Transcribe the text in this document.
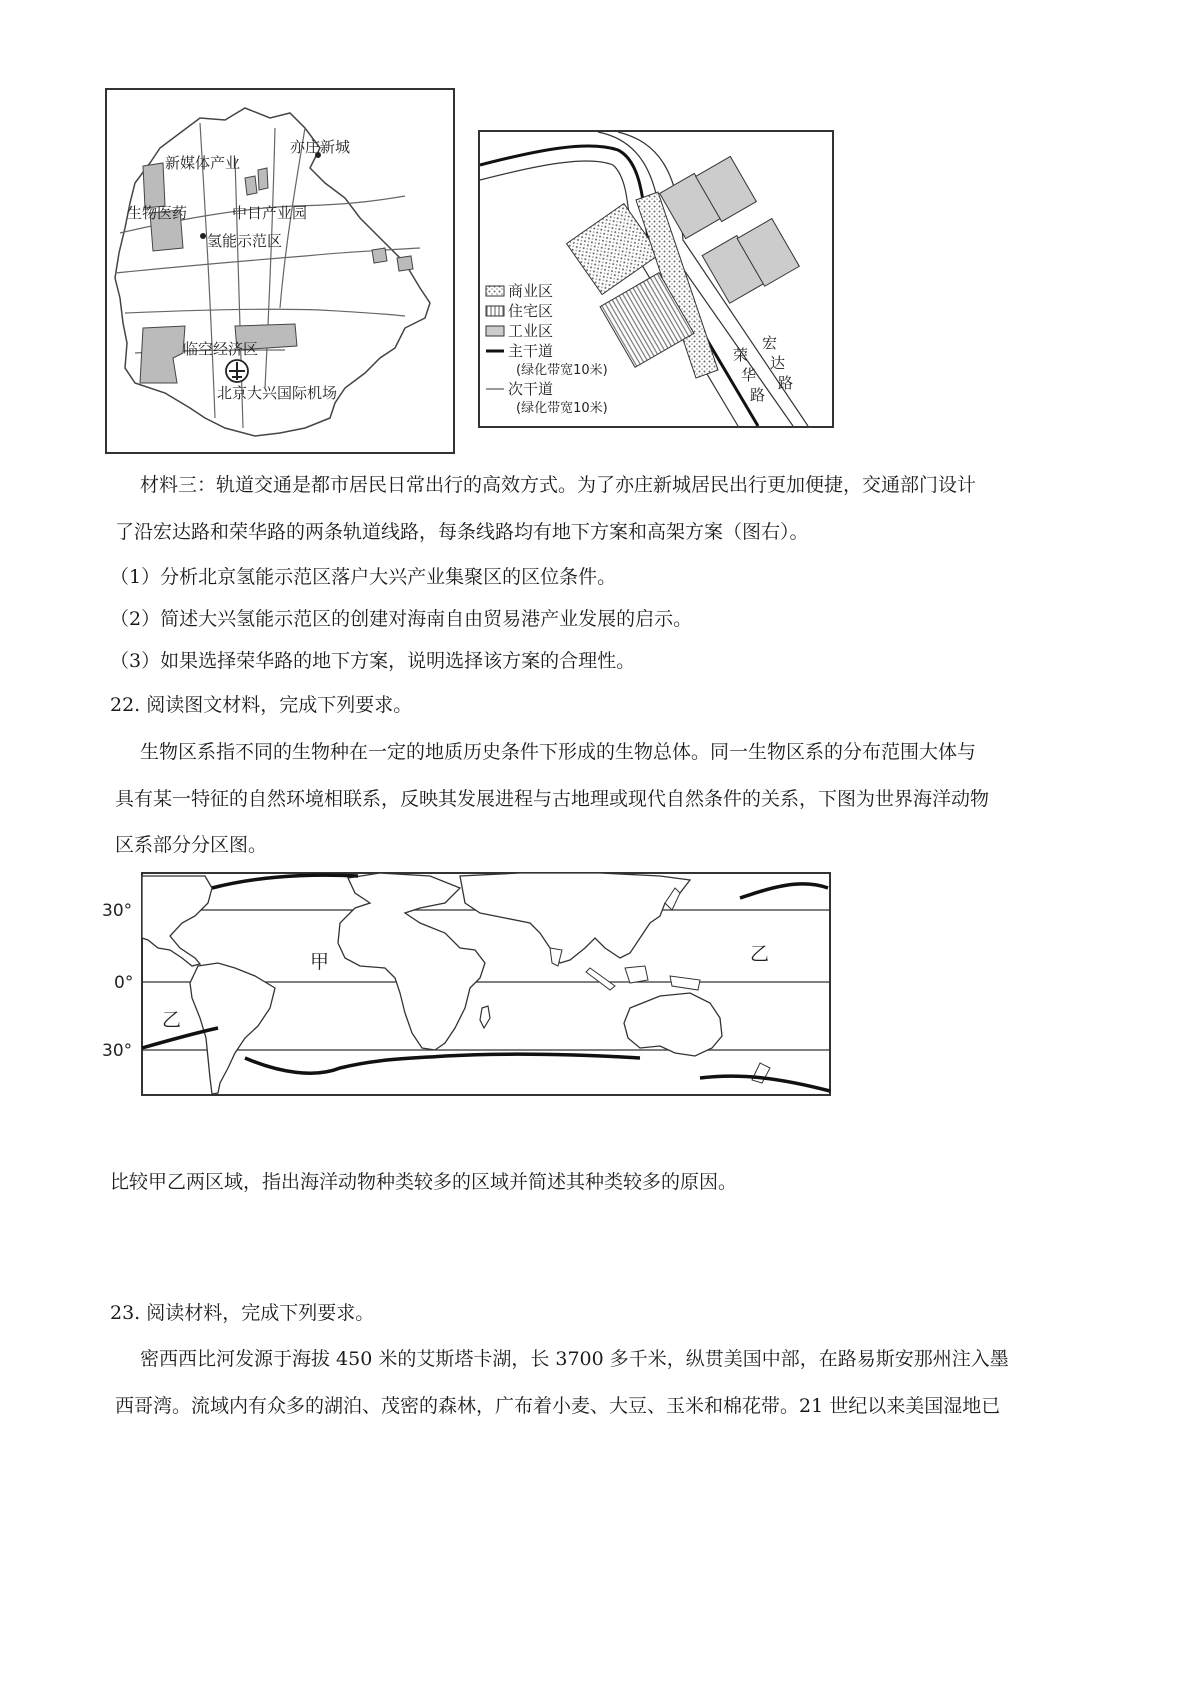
亦庄新城
新媒体产业
生物医药	中日产业园
氢能示范区
临空经济区
北京大兴国际机场
商业区
住宅区
工业区
主干道
(绿化带宽10米)
次干道
(绿化带宽10米)
荣
华
路
宏
达
路
材料三：轨道交通是都市居民日常出行的高效方式。为了亦庄新城居民出行更加便捷，交通部门设计
了沿宏达路和荣华路的两条轨道线路，每条线路均有地下方案和高架方案（图右）。
（1）分析北京氢能示范区落户大兴产业集聚区的区位条件。
（2）简述大兴氢能示范区的创建对海南自由贸易港产业发展的启示。
（3）如果选择荣华路的地下方案，说明选择该方案的合理性。
22. 阅读图文材料，完成下列要求。
生物区系指不同的生物种在一定的地质历史条件下形成的生物总体。同一生物区系的分布范围大体与
具有某一特征的自然环境相联系，反映其发展进程与古地理或现代自然条件的关系，下图为世界海洋动物
区系部分分区图。
30°
0°
30°
甲	乙
乙
比较甲乙两区域，指出海洋动物种类较多的区域并简述其种类较多的原因。
23. 阅读材料，完成下列要求。
密西西比河发源于海拔 450 米的艾斯塔卡湖，长 3700 多千米，纵贯美国中部，在路易斯安那州注入墨
西哥湾。流域内有众多的湖泊、茂密的森林，广布着小麦、大豆、玉米和棉花带。21 世纪以来美国湿地已
